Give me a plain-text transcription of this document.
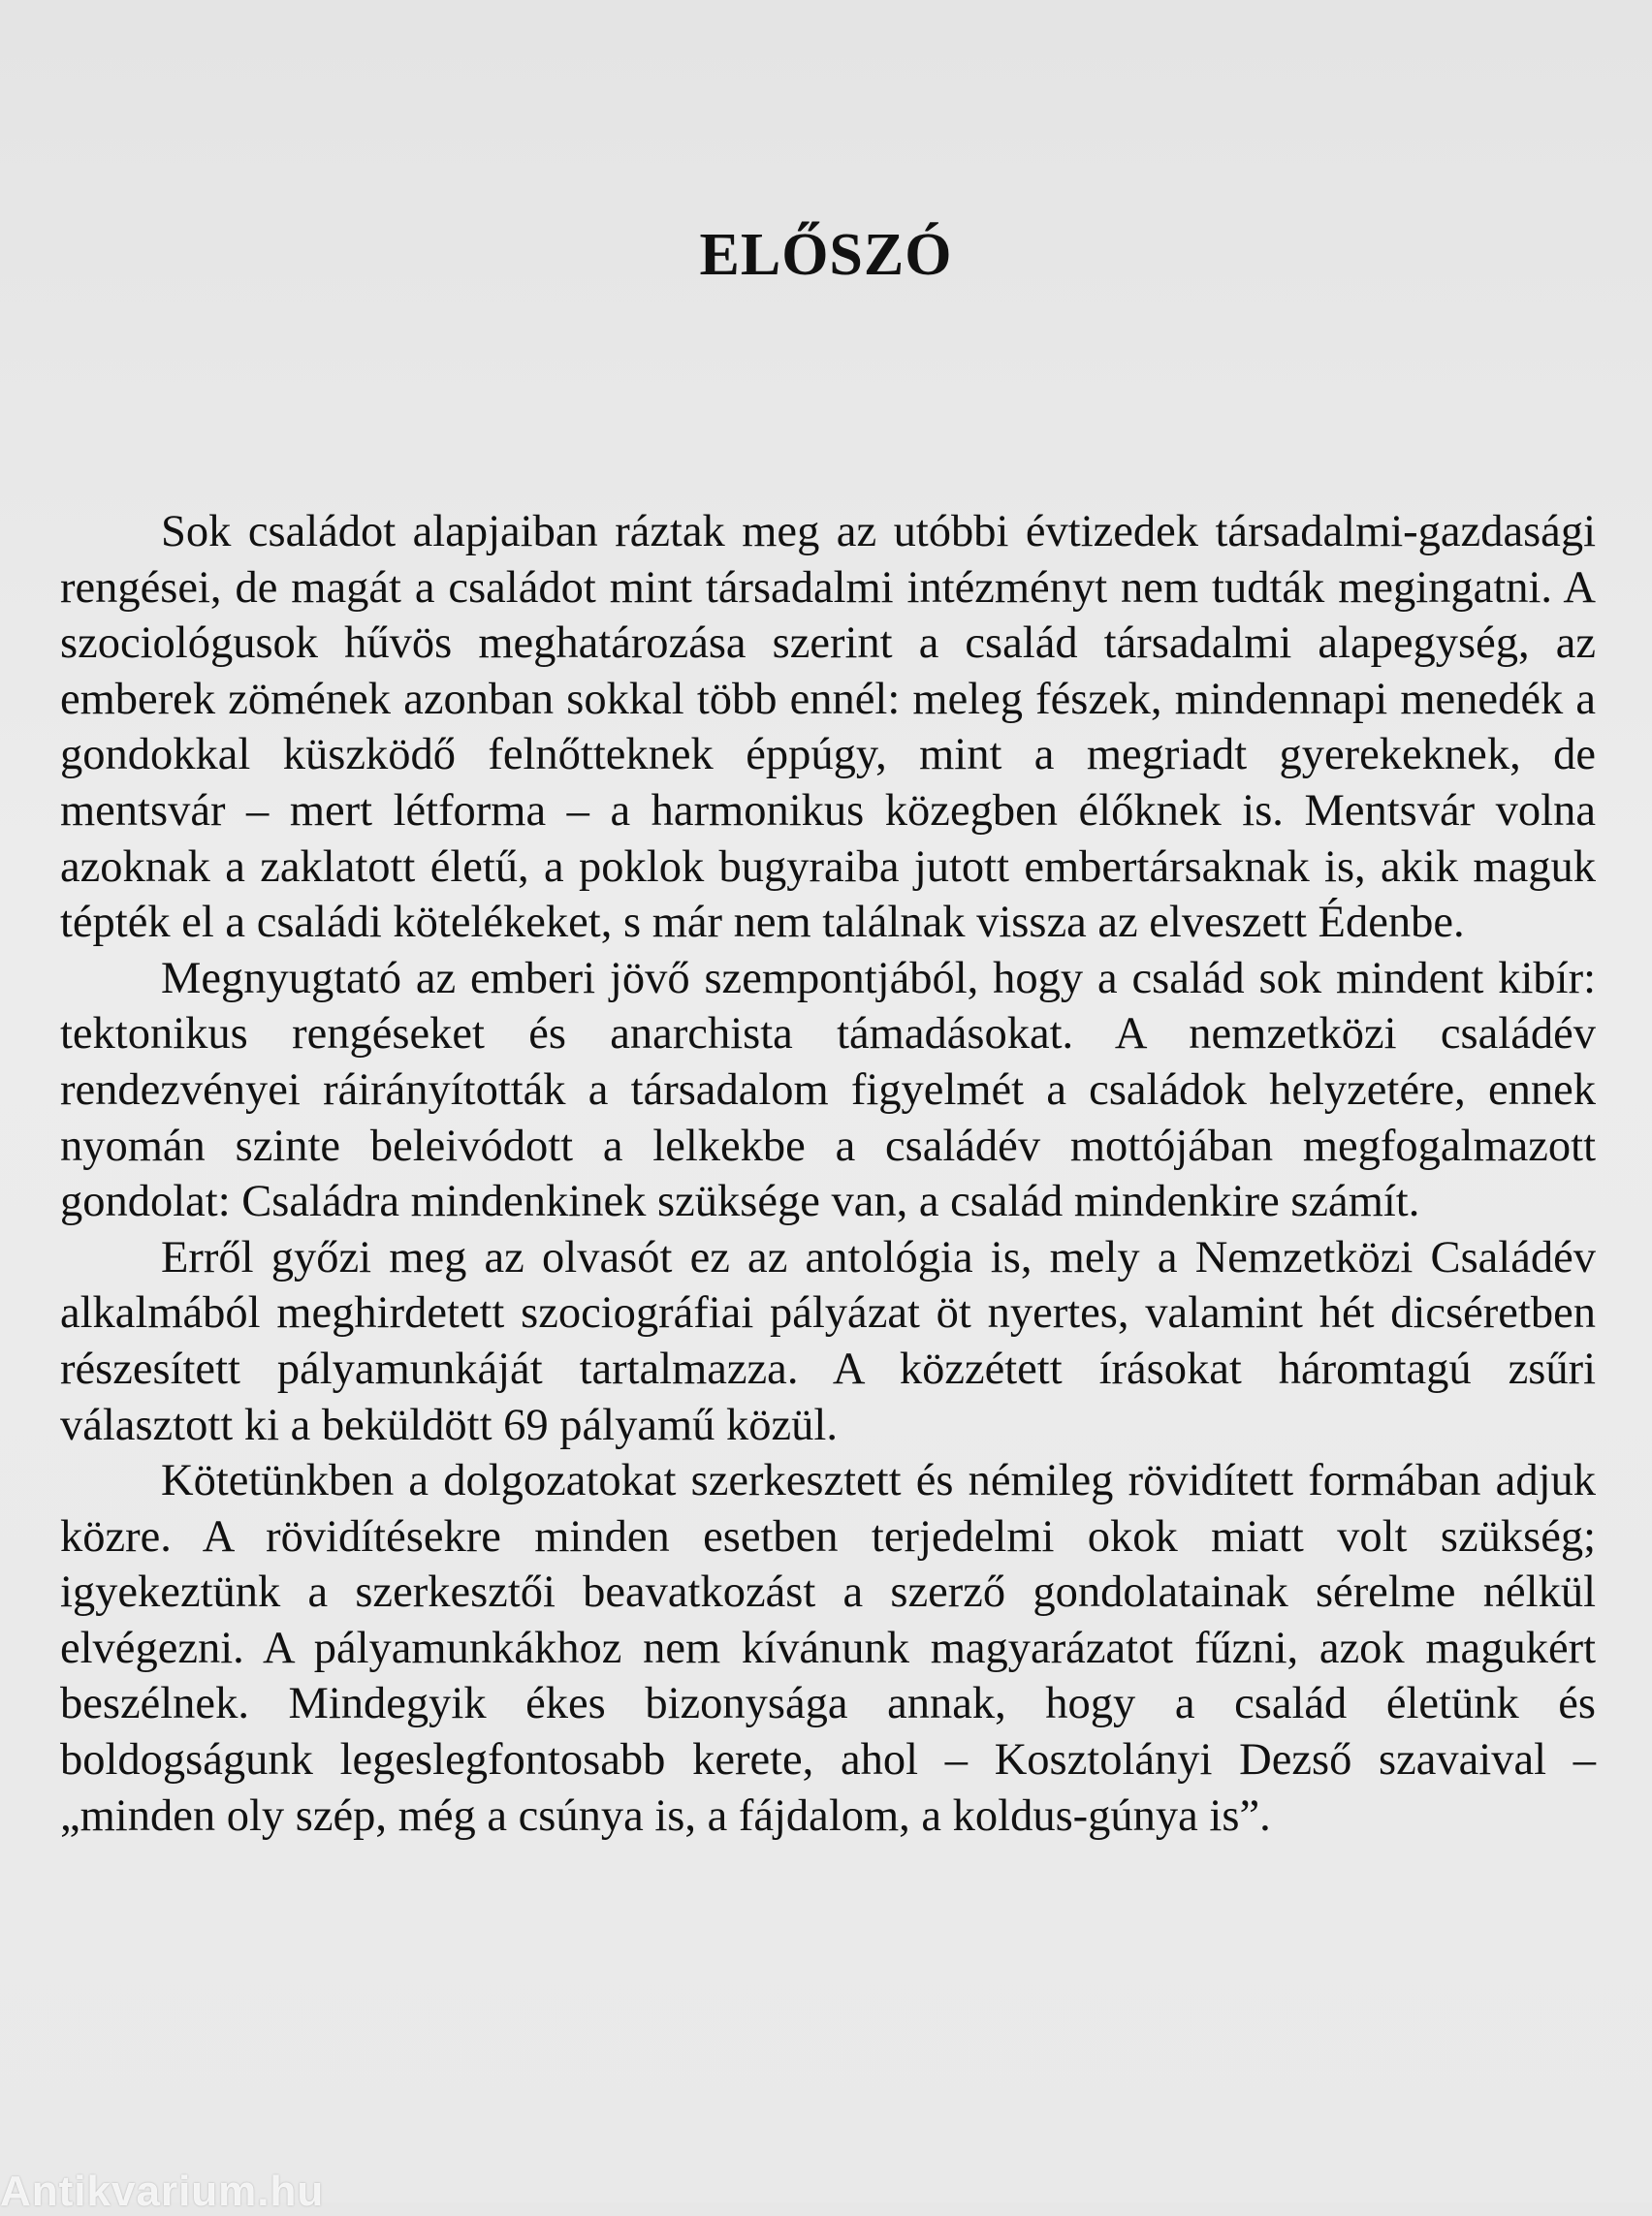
ELŐSZÓ

Sok családot alapjaiban ráztak meg az utóbbi évtizedek társadalmi-gazdasági rengései, de magát a családot mint társadalmi intézményt nem tudták megingatni. A szociológusok hűvös meghatározása szerint a család társadalmi alapegység, az emberek zömének azonban sokkal több ennél: meleg fészek, mindennapi menedék a gondokkal küszködő felnőtteknek éppúgy, mint a megriadt gyerekeknek, de mentsvár – mert létforma – a harmonikus közegben élőknek is. Mentsvár volna azoknak a zaklatott életű, a poklok bugyraiba jutott embertársaknak is, akik maguk tépték el a családi kötelékeket, s már nem találnak vissza az elveszett Édenbe.

Megnyugtató az emberi jövő szempontjából, hogy a család sok mindent kibír: tektonikus rengéseket és anarchista támadásokat. A nemzetközi családév rendezvényei ráirányították a társadalom figyelmét a családok helyzetére, ennek nyomán szinte beleivódott a lelkekbe a családév mottójában megfogalmazott gondolat: Családra mindenkinek szüksége van, a család mindenkire számít.

Erről győzi meg az olvasót ez az antológia is, mely a Nemzetközi Családév alkalmából meghirdetett szociográfiai pályázat öt nyertes, valamint hét dicséretben részesített pályamunkáját tartalmazza. A közzétett írásokat háromtagú zsűri választott ki a beküldött 69 pályamű közül.

Kötetünkben a dolgozatokat szerkesztett és némileg rövidített formában adjuk közre. A rövidítésekre minden esetben terjedelmi okok miatt volt szükség; igyekeztünk a szerkesztői beavatkozást a szerző gondolatainak sérelme nélkül elvégezni. A pályamunkákhoz nem kívánunk magyarázatot fűzni, azok magukért beszélnek. Mindegyik ékes bizonysága annak, hogy a család életünk és boldogságunk legeslegfontosabb kerete, ahol – Kosztolányi Dezső szavaival – „minden oly szép, még a csúnya is, a fájdalom, a koldus-gúnya is”.

Antikvarium.hu
